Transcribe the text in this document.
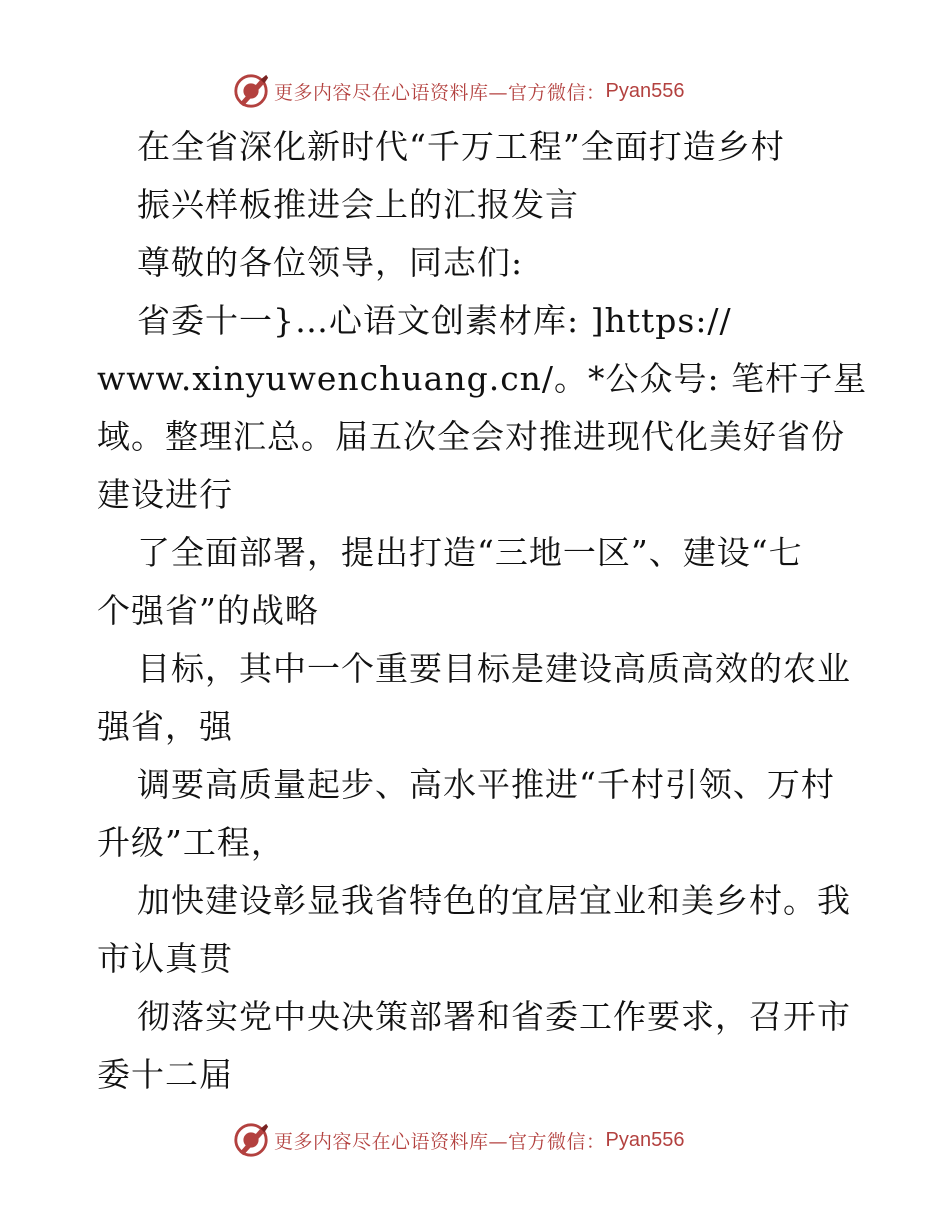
更多内容尽在心语资料库—官方微信： Pyan556
在全省深化新时代“千万工程”全面打造乡村
振兴样板推进会上的汇报发言
尊敬的各位领导，同志们:
省委十一}…心语文创素材库: ]https://
www.xinyuwenchuang.cn/。*公众号: 笔杆子星
域。整理汇总。届五次全会对推进现代化美好省份
建设进行
了全面部署，提出打造“三地一区”、建设“七
个强省”的战略
目标，其中一个重要目标是建设高质高效的农业
强省，强
调要高质量起步、高水平推进“千村引领、万村
升级”工程，
加快建设彰显我省特色的宜居宜业和美乡村。我
市认真贯
彻落实党中央决策部署和省委工作要求，召开市
委十二届
更多内容尽在心语资料库—官方微信： Pyan556
